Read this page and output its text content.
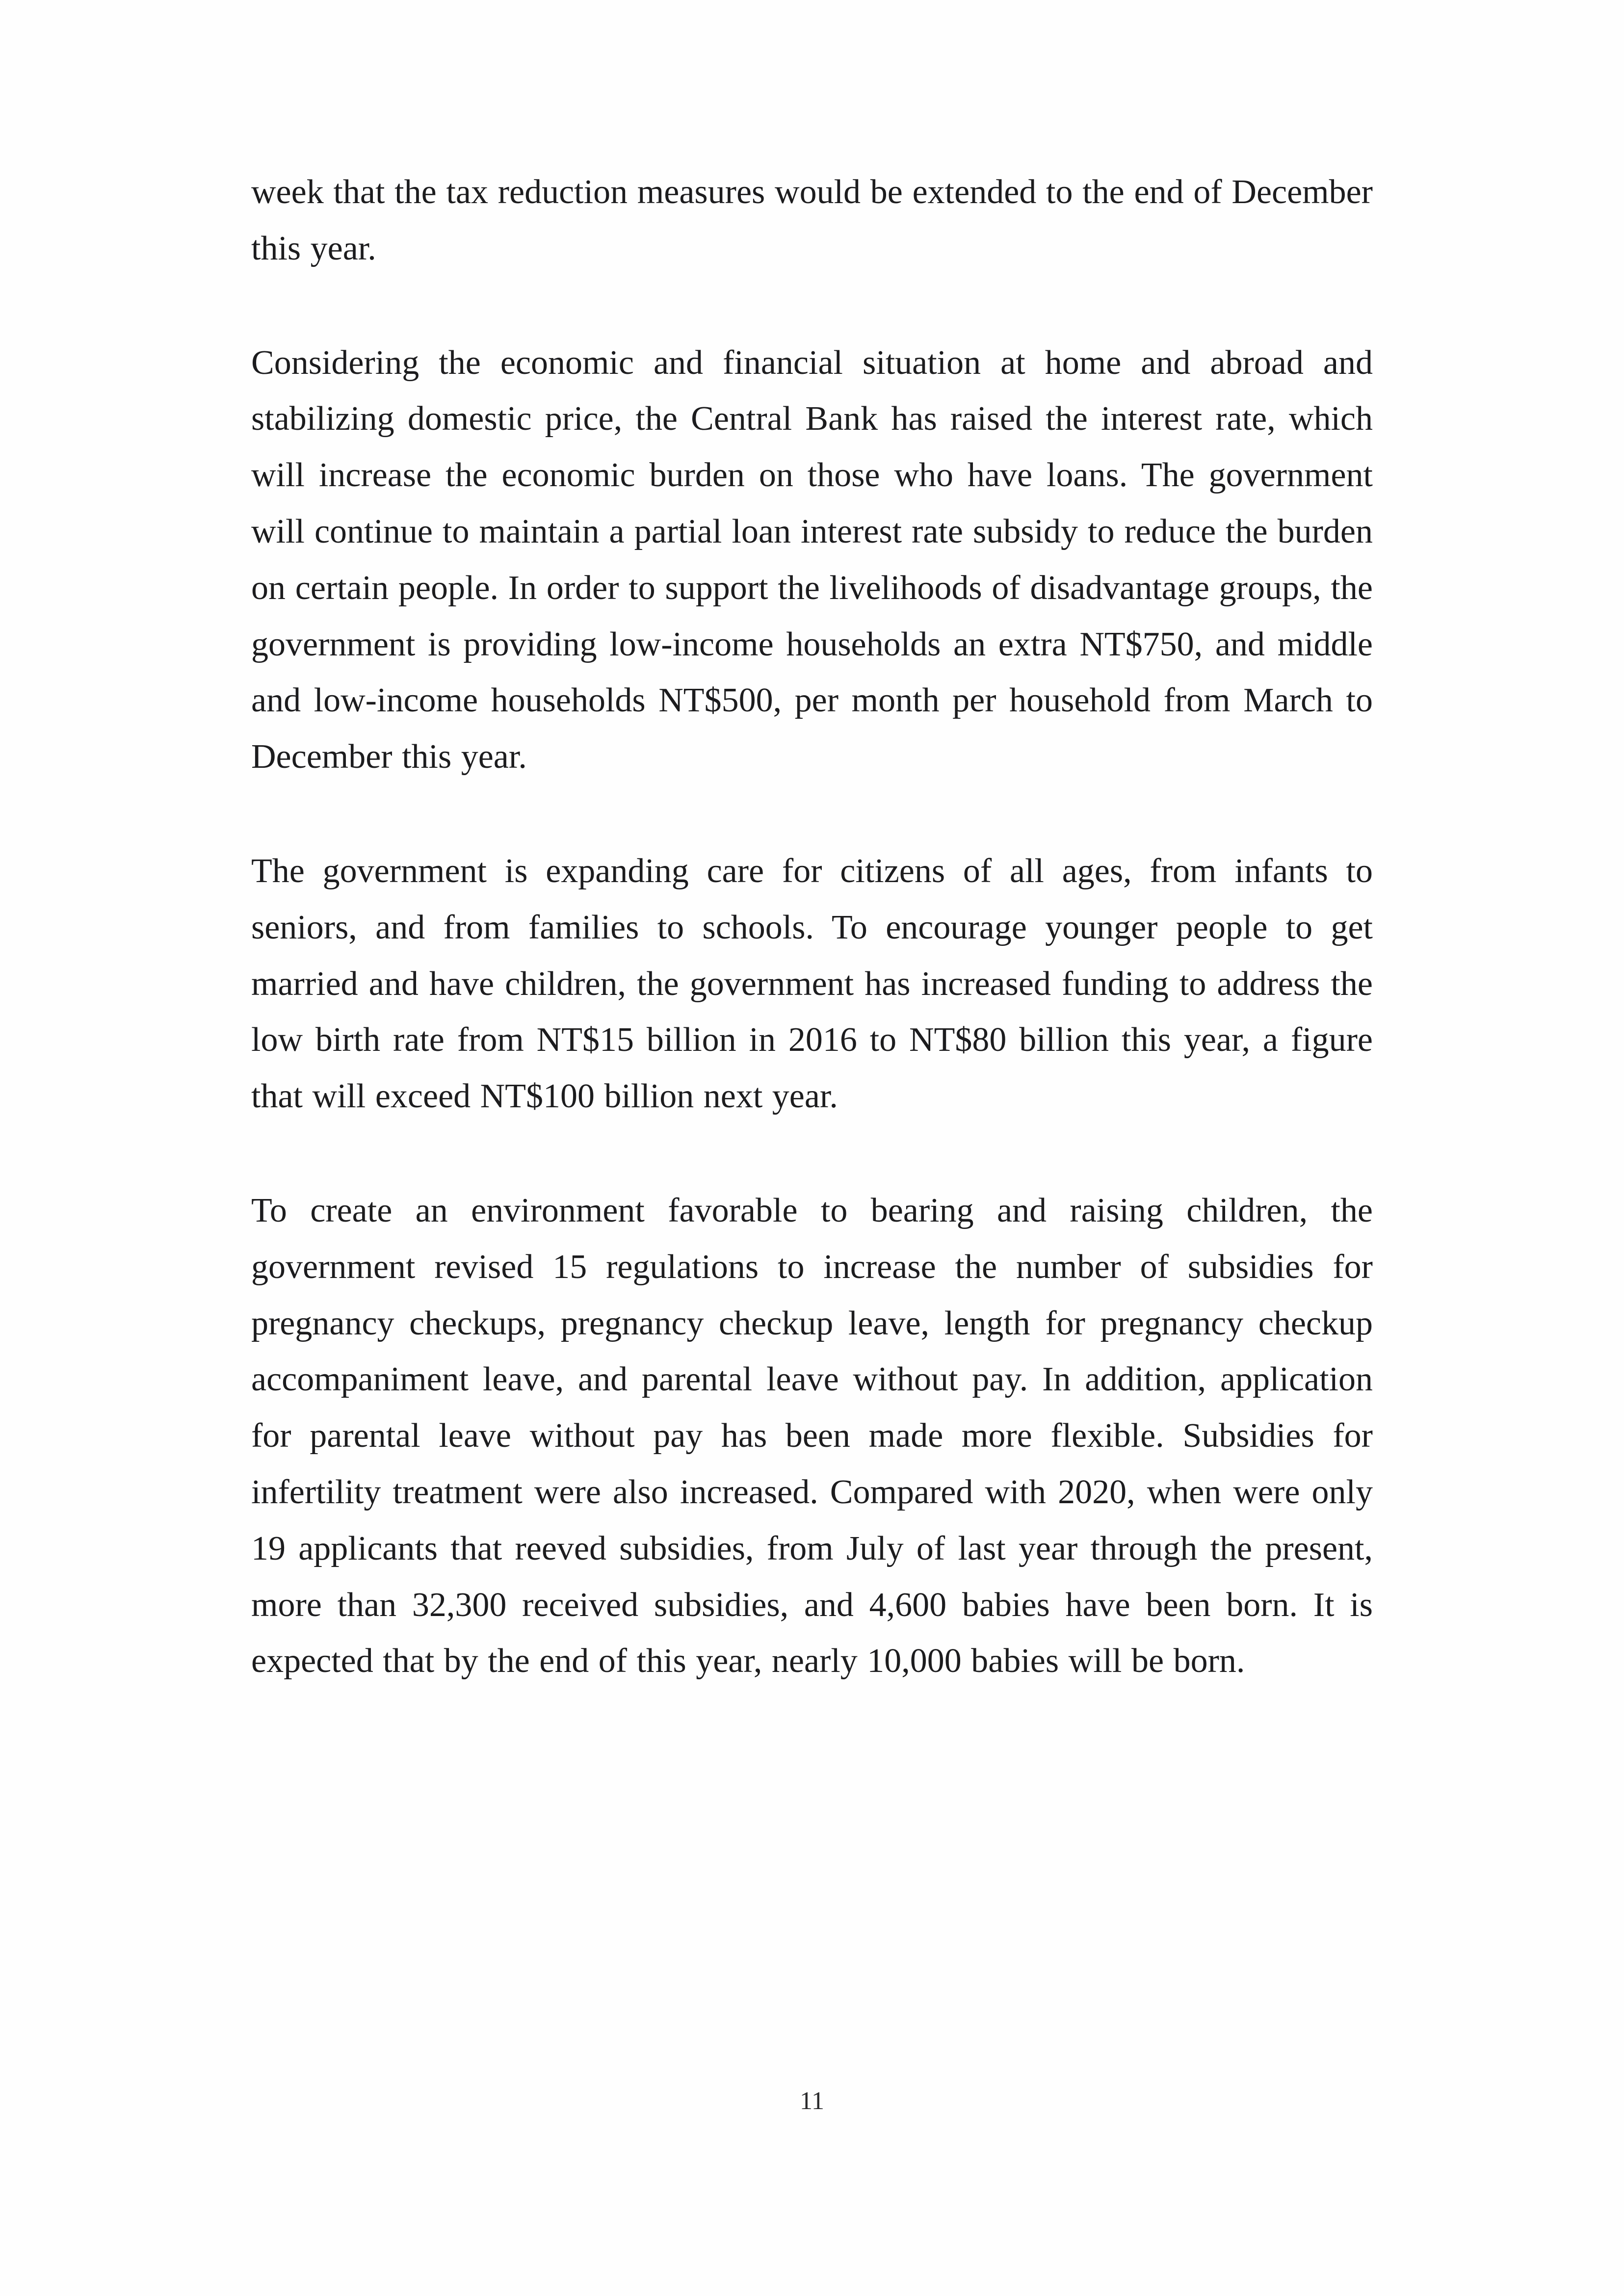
week that the tax reduction measures would be extended to the end of December this year.

Considering the economic and financial situation at home and abroad and stabilizing domestic price, the Central Bank has raised the interest rate, which will increase the economic burden on those who have loans. The government will continue to maintain a partial loan interest rate subsidy to reduce the burden on certain people. In order to support the livelihoods of disadvantage groups, the government is providing low-income households an extra NT$750, and middle and low-income households NT$500, per month per household from March to December this year.

The government is expanding care for citizens of all ages, from infants to seniors, and from families to schools. To encourage younger people to get married and have children, the government has increased funding to address the low birth rate from NT$15 billion in 2016 to NT$80 billion this year, a figure that will exceed NT$100 billion next year.

To create an environment favorable to bearing and raising children, the government revised 15 regulations to increase the number of subsidies for pregnancy checkups, pregnancy checkup leave, length for pregnancy checkup accompaniment leave, and parental leave without pay. In addition, application for parental leave without pay has been made more flexible. Subsidies for infertility treatment were also increased. Compared with 2020, when were only 19 applicants that reeved subsidies, from July of last year through the present, more than 32,300 received subsidies, and 4,600 babies have been born. It is expected that by the end of this year, nearly 10,000 babies will be born.

11
